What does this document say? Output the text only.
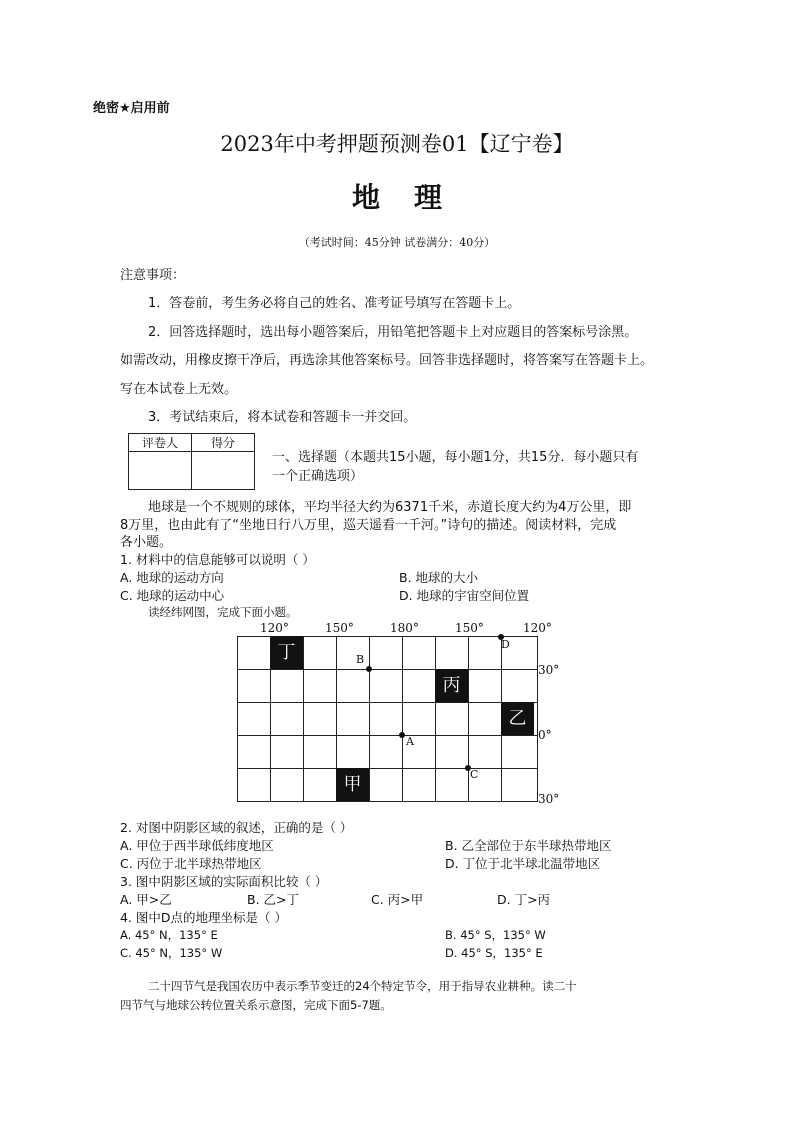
绝密★启用前
2023年中考押题预测卷01【辽宁卷】
地理
（考试时间：45分钟 试卷满分：40分）
注意事项：
1．答卷前，考生务必将自己的姓名、准考证号填写在答题卡上。
2．回答选择题时，选出每小题答案后，用铅笔把答题卡上对应题目的答案标号涂黑。
如需改动，用橡皮擦干净后，再选涂其他答案标号。回答非选择题时，将答案写在答题卡上。
写在本试卷上无效。
3．考试结束后，将本试卷和答题卡一并交回。
评卷人	得分

一、选择题（本题共15小题，每小题1分，共15分．每小题只有
一个正确选项）
地球是一个不规则的球体，平均半径大约为6371千米，赤道长度大约为4万公里，即
8万里，也由此有了“坐地日行八万里，巡天遥看一千河。”诗句的描述。阅读材料，完成
各小题。
1. 材料中的信息能够可以说明（ ）
A. 地球的运动方向	B. 地球的大小
C. 地球的运动中心	D. 地球的宇宙空间位置
读经纬网图，完成下面小题。
120°	150°	180°	150°	120°
丁
丙
乙
甲
B
D
A
C
30°
0°
30°
2. 对图中阴影区域的叙述，正确的是（ ）
A. 甲位于西半球低纬度地区	B. 乙全部位于东半球热带地区
C. 丙位于北半球热带地区	D. 丁位于北半球北温带地区
3. 图中阴影区域的实际面积比较（ ）
A. 甲>乙	B. 乙>丁	C. 丙>甲	D. 丁>丙
4. 图中D点的地理坐标是（ ）
A. 45° N，135° E	B. 45° S，135° W
C. 45° N，135° W	D. 45° S，135° E
二十四节气是我国农历中表示季节变迁的24个特定节令，用于指导农业耕种。读二十
四节气与地球公转位置关系示意图，完成下面5-7题。
